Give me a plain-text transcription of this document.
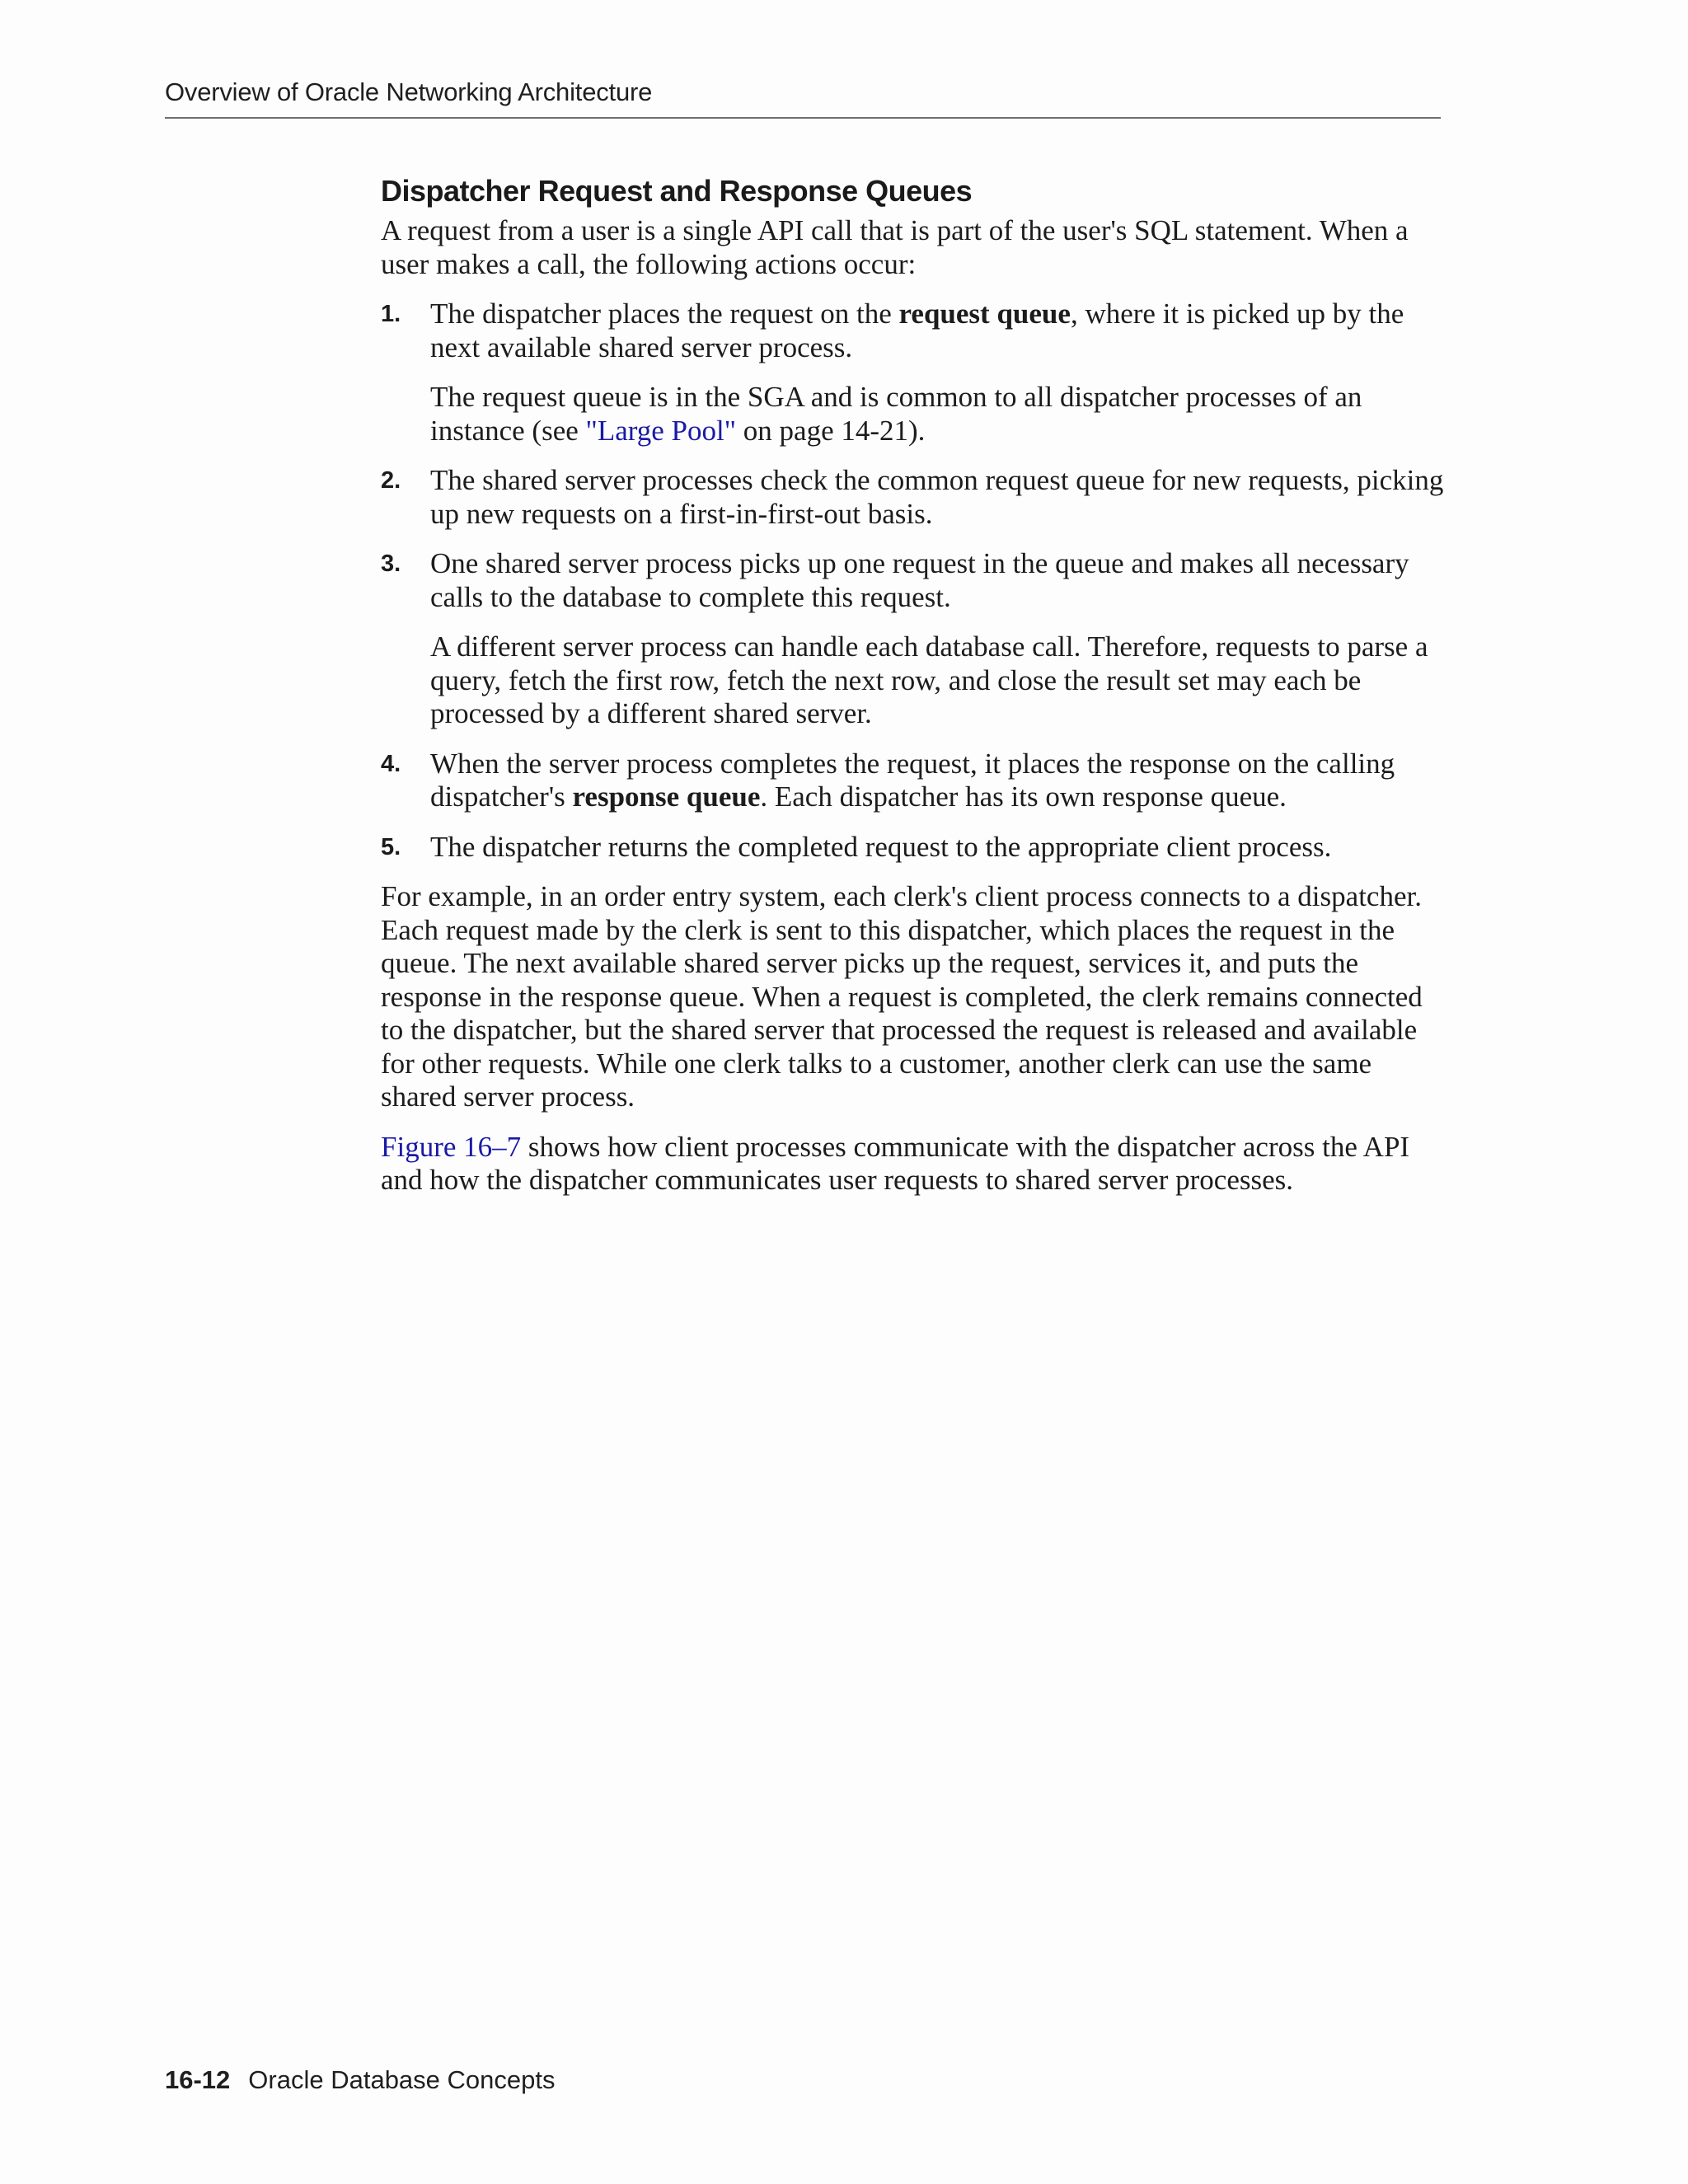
Overview of Oracle Networking Architecture
Dispatcher Request and Response Queues

A request from a user is a single API call that is part of the user's SQL statement. When a user makes a call, the following actions occur:

1. The dispatcher places the request on the request queue, where it is picked up by the next available shared server process.

The request queue is in the SGA and is common to all dispatcher processes of an instance (see "Large Pool" on page 14-21).

2. The shared server processes check the common request queue for new requests, picking up new requests on a first-in-first-out basis.

3. One shared server process picks up one request in the queue and makes all necessary calls to the database to complete this request.

A different server process can handle each database call. Therefore, requests to parse a query, fetch the first row, fetch the next row, and close the result set may each be processed by a different shared server.

4. When the server process completes the request, it places the response on the calling dispatcher's response queue. Each dispatcher has its own response queue.

5. The dispatcher returns the completed request to the appropriate client process.

For example, in an order entry system, each clerk's client process connects to a dispatcher. Each request made by the clerk is sent to this dispatcher, which places the request in the queue. The next available shared server picks up the request, services it, and puts the response in the response queue. When a request is completed, the clerk remains connected to the dispatcher, but the shared server that processed the request is released and available for other requests. While one clerk talks to a customer, another clerk can use the same shared server process.

Figure 16–7 shows how client processes communicate with the dispatcher across the API and how the dispatcher communicates user requests to shared server processes.

16-12 Oracle Database Concepts
